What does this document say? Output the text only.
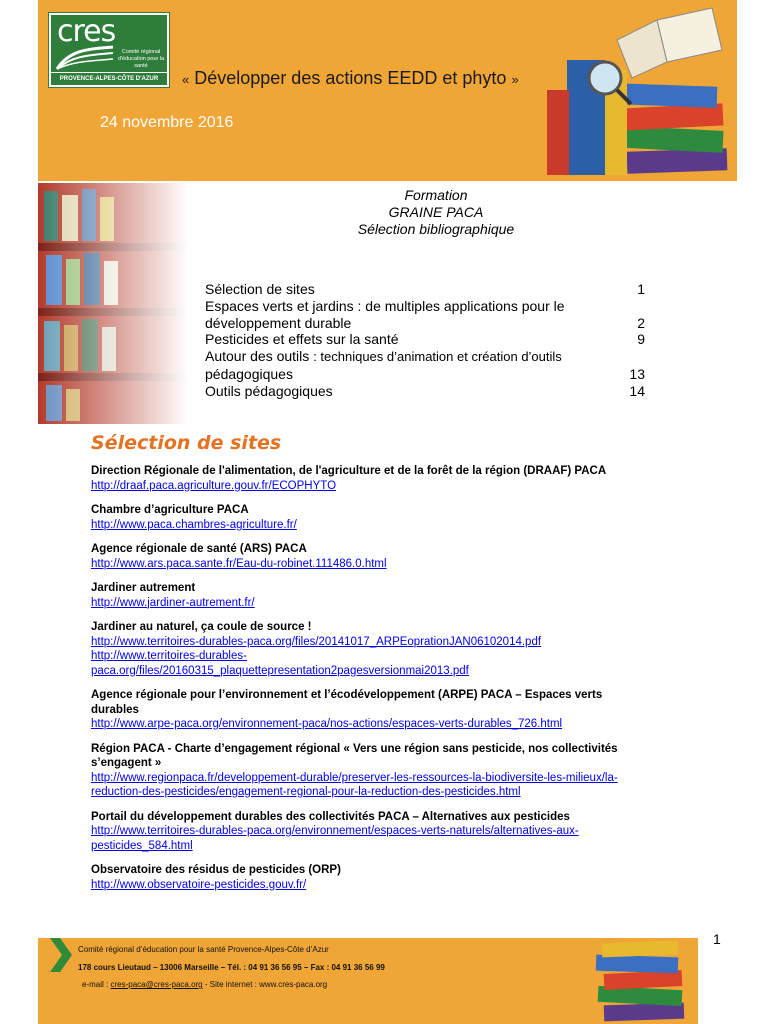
cres
Comité régional d'éducation pour la santé
PROVENCE-ALPES-CÔTE D'AZUR	« Développer des actions EEDD et phyto »
24 novembre 2016
Formation
GRAINE PACA
Sélection bibliographique
Sélection de sites	1
Espaces verts et jardins : de multiples applications pour le développement durable	2
Pesticides et effets sur la santé	9
Autour des outils : techniques d’animation et création d’outils
pédagogiques	13
Outils pédagogiques	14
Sélection de sites
Direction Régionale de l'alimentation, de l'agriculture et de la forêt de la région (DRAAF) PACA
http://draaf.paca.agriculture.gouv.fr/ECOPHYTO
Chambre d’agriculture PACA
http://www.paca.chambres-agriculture.fr/
Agence régionale de santé (ARS) PACA
http://www.ars.paca.sante.fr/Eau-du-robinet.111486.0.html
Jardiner autrement
http://www.jardiner-autrement.fr/
Jardiner au naturel, ça coule de source !
http://www.territoires-durables-paca.org/files/20141017_ARPEoprationJAN06102014.pdf
http://www.territoires-durables-paca.org/files/20160315_plaquettepresentation2pagesversionmai2013.pdf
Agence régionale pour l’environnement et l’écodéveloppement (ARPE) PACA – Espaces verts durables
http://www.arpe-paca.org/environnement-paca/nos-actions/espaces-verts-durables_726.html
Région PACA - Charte d’engagement régional « Vers une région sans pesticide, nos collectivités s’engagent »
http://www.regionpaca.fr/developpement-durable/preserver-les-ressources-la-biodiversite-les-milieux/la-reduction-des-pesticides/engagement-regional-pour-la-reduction-des-pesticides.html
Portail du développement durables des collectivités PACA – Alternatives aux pesticides
http://www.territoires-durables-paca.org/environnement/espaces-verts-naturels/alternatives-aux-pesticides_584.html
Observatoire des résidus de pesticides (ORP)
http://www.observatoire-pesticides.gouv.fr/
1
Comité régional d’éducation pour la santé Provence-Alpes-Côte d’Azur
178 cours Lieutaud – 13006 Marseille – Tél. : 04 91 36 56 95 – Fax : 04 91 36 56 99
e-mail : cres-paca@cres-paca.org - Site internet : www.cres-paca.org
